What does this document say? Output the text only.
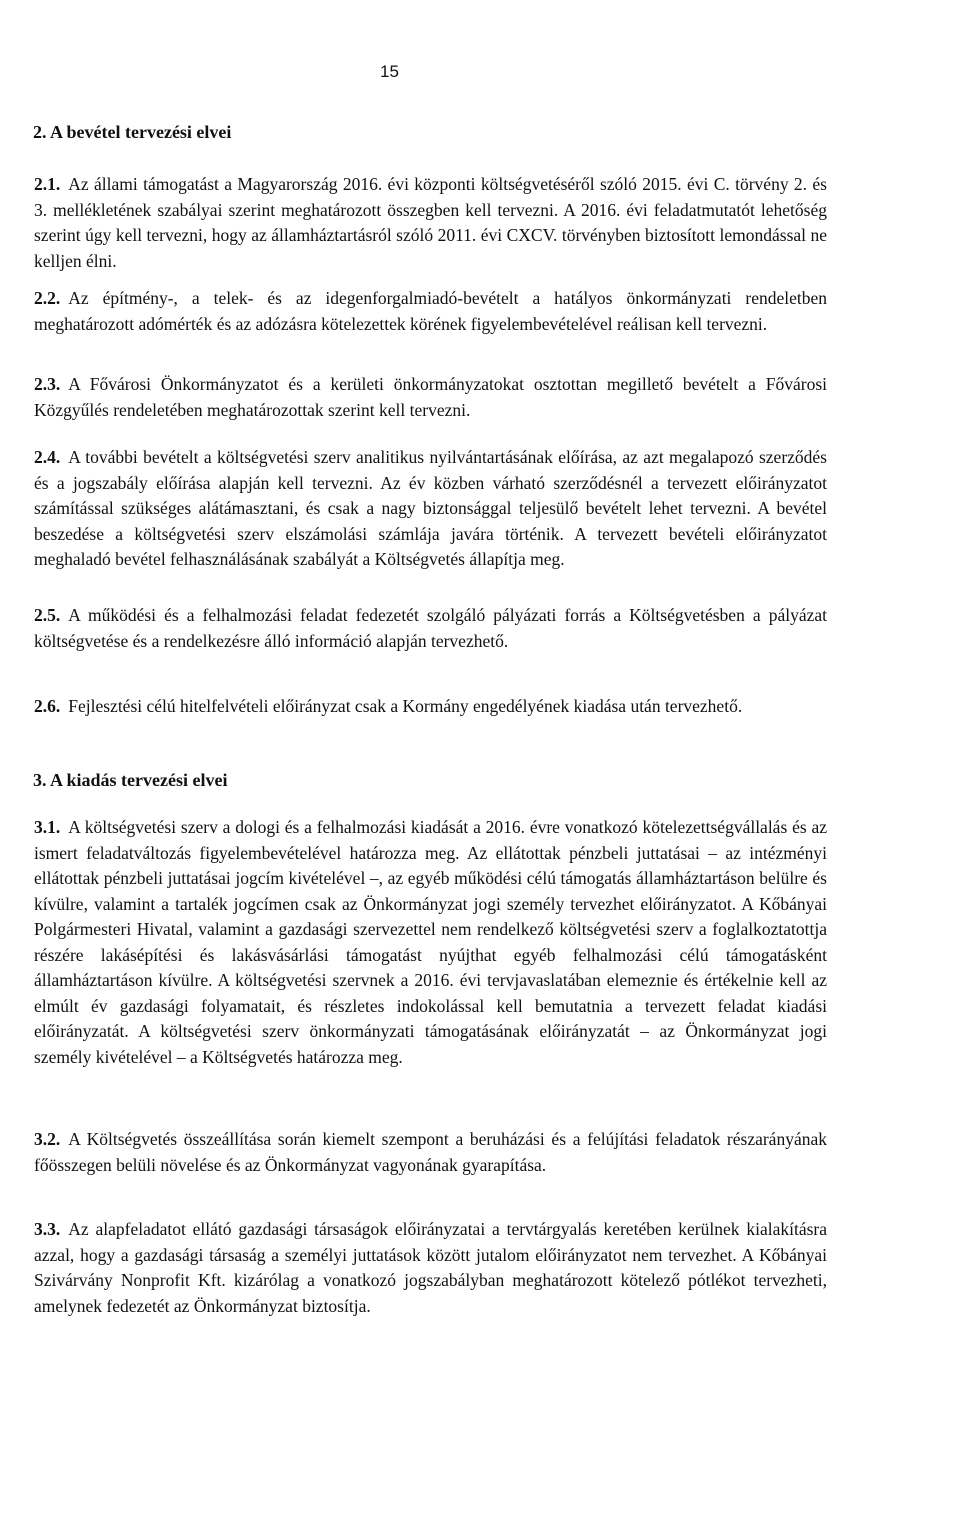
15
2. A bevétel tervezési elvei
2.1. Az állami támogatást a Magyarország 2016. évi központi költségvetéséről szóló 2015. évi C. törvény 2. és 3. mellékletének szabályai szerint meghatározott összegben kell tervezni. A 2016. évi feladatmutatót lehetőség szerint úgy kell tervezni, hogy az államháztartásról szóló 2011. évi CXCV. törvényben biztosított lemondással ne kelljen élni.
2.2. Az építmény-, a telek- és az idegenforgalmiadó-bevételt a hatályos önkormányzati rendeletben meghatározott adómérték és az adózásra kötelezettek körének figyelembevételével reálisan kell tervezni.
2.3. A Fővárosi Önkormányzatot és a kerületi önkormányzatokat osztottan megillető bevételt a Fővárosi Közgyűlés rendeletében meghatározottak szerint kell tervezni.
2.4. A további bevételt a költségvetési szerv analitikus nyilvántartásának előírása, az azt megalapozó szerződés és a jogszabály előírása alapján kell tervezni. Az év közben várható szerződésnél a tervezett előirányzatot számítással szükséges alátámasztani, és csak a nagy biztonsággal teljesülő bevételt lehet tervezni. A bevétel beszedése a költségvetési szerv elszámolási számlája javára történik. A tervezett bevételi előirányzatot meghaladó bevétel felhasználásának szabályát a Költségvetés állapítja meg.
2.5. A működési és a felhalmozási feladat fedezetét szolgáló pályázati forrás a Költségvetésben a pályázat költségvetése és a rendelkezésre álló információ alapján tervezhető.
2.6. Fejlesztési célú hitelfelvételi előirányzat csak a Kormány engedélyének kiadása után tervezhető.
3. A kiadás tervezési elvei
3.1. A költségvetési szerv a dologi és a felhalmozási kiadását a 2016. évre vonatkozó kötelezettségvállalás és az ismert feladatváltozás figyelembevételével határozza meg. Az ellátottak pénzbeli juttatásai – az intézményi ellátottak pénzbeli juttatásai jogcím kivételével –, az egyéb működési célú támogatás államháztartáson belülre és kívülre, valamint a tartalék jogcímen csak az Önkormányzat jogi személy tervezhet előirányzatot. A Kőbányai Polgármesteri Hivatal, valamint a gazdasági szervezettel nem rendelkező költségvetési szerv a foglalkoztatottja részére lakásépítési és lakásvásárlási támogatást nyújthat egyéb felhalmozási célú támogatásként államháztartáson kívülre. A költségvetési szervnek a 2016. évi tervjavaslatában elemeznie és értékelnie kell az elmúlt év gazdasági folyamatait, és részletes indokolással kell bemutatnia a tervezett feladat kiadási előirányzatát. A költségvetési szerv önkormányzati támogatásának előirányzatát – az Önkormányzat jogi személy kivételével – a Költségvetés határozza meg.
3.2. A Költségvetés összeállítása során kiemelt szempont a beruházási és a felújítási feladatok részarányának főösszegen belüli növelése és az Önkormányzat vagyonának gyarapítása.
3.3. Az alapfeladatot ellátó gazdasági társaságok előirányzatai a tervtárgyalás keretében kerülnek kialakításra azzal, hogy a gazdasági társaság a személyi juttatások között jutalom előirányzatot nem tervezhet. A Kőbányai Szivárvány Nonprofit Kft. kizárólag a vonatkozó jogszabályban meghatározott kötelező pótlékot tervezheti, amelynek fedezetét az Önkormányzat biztosítja.
